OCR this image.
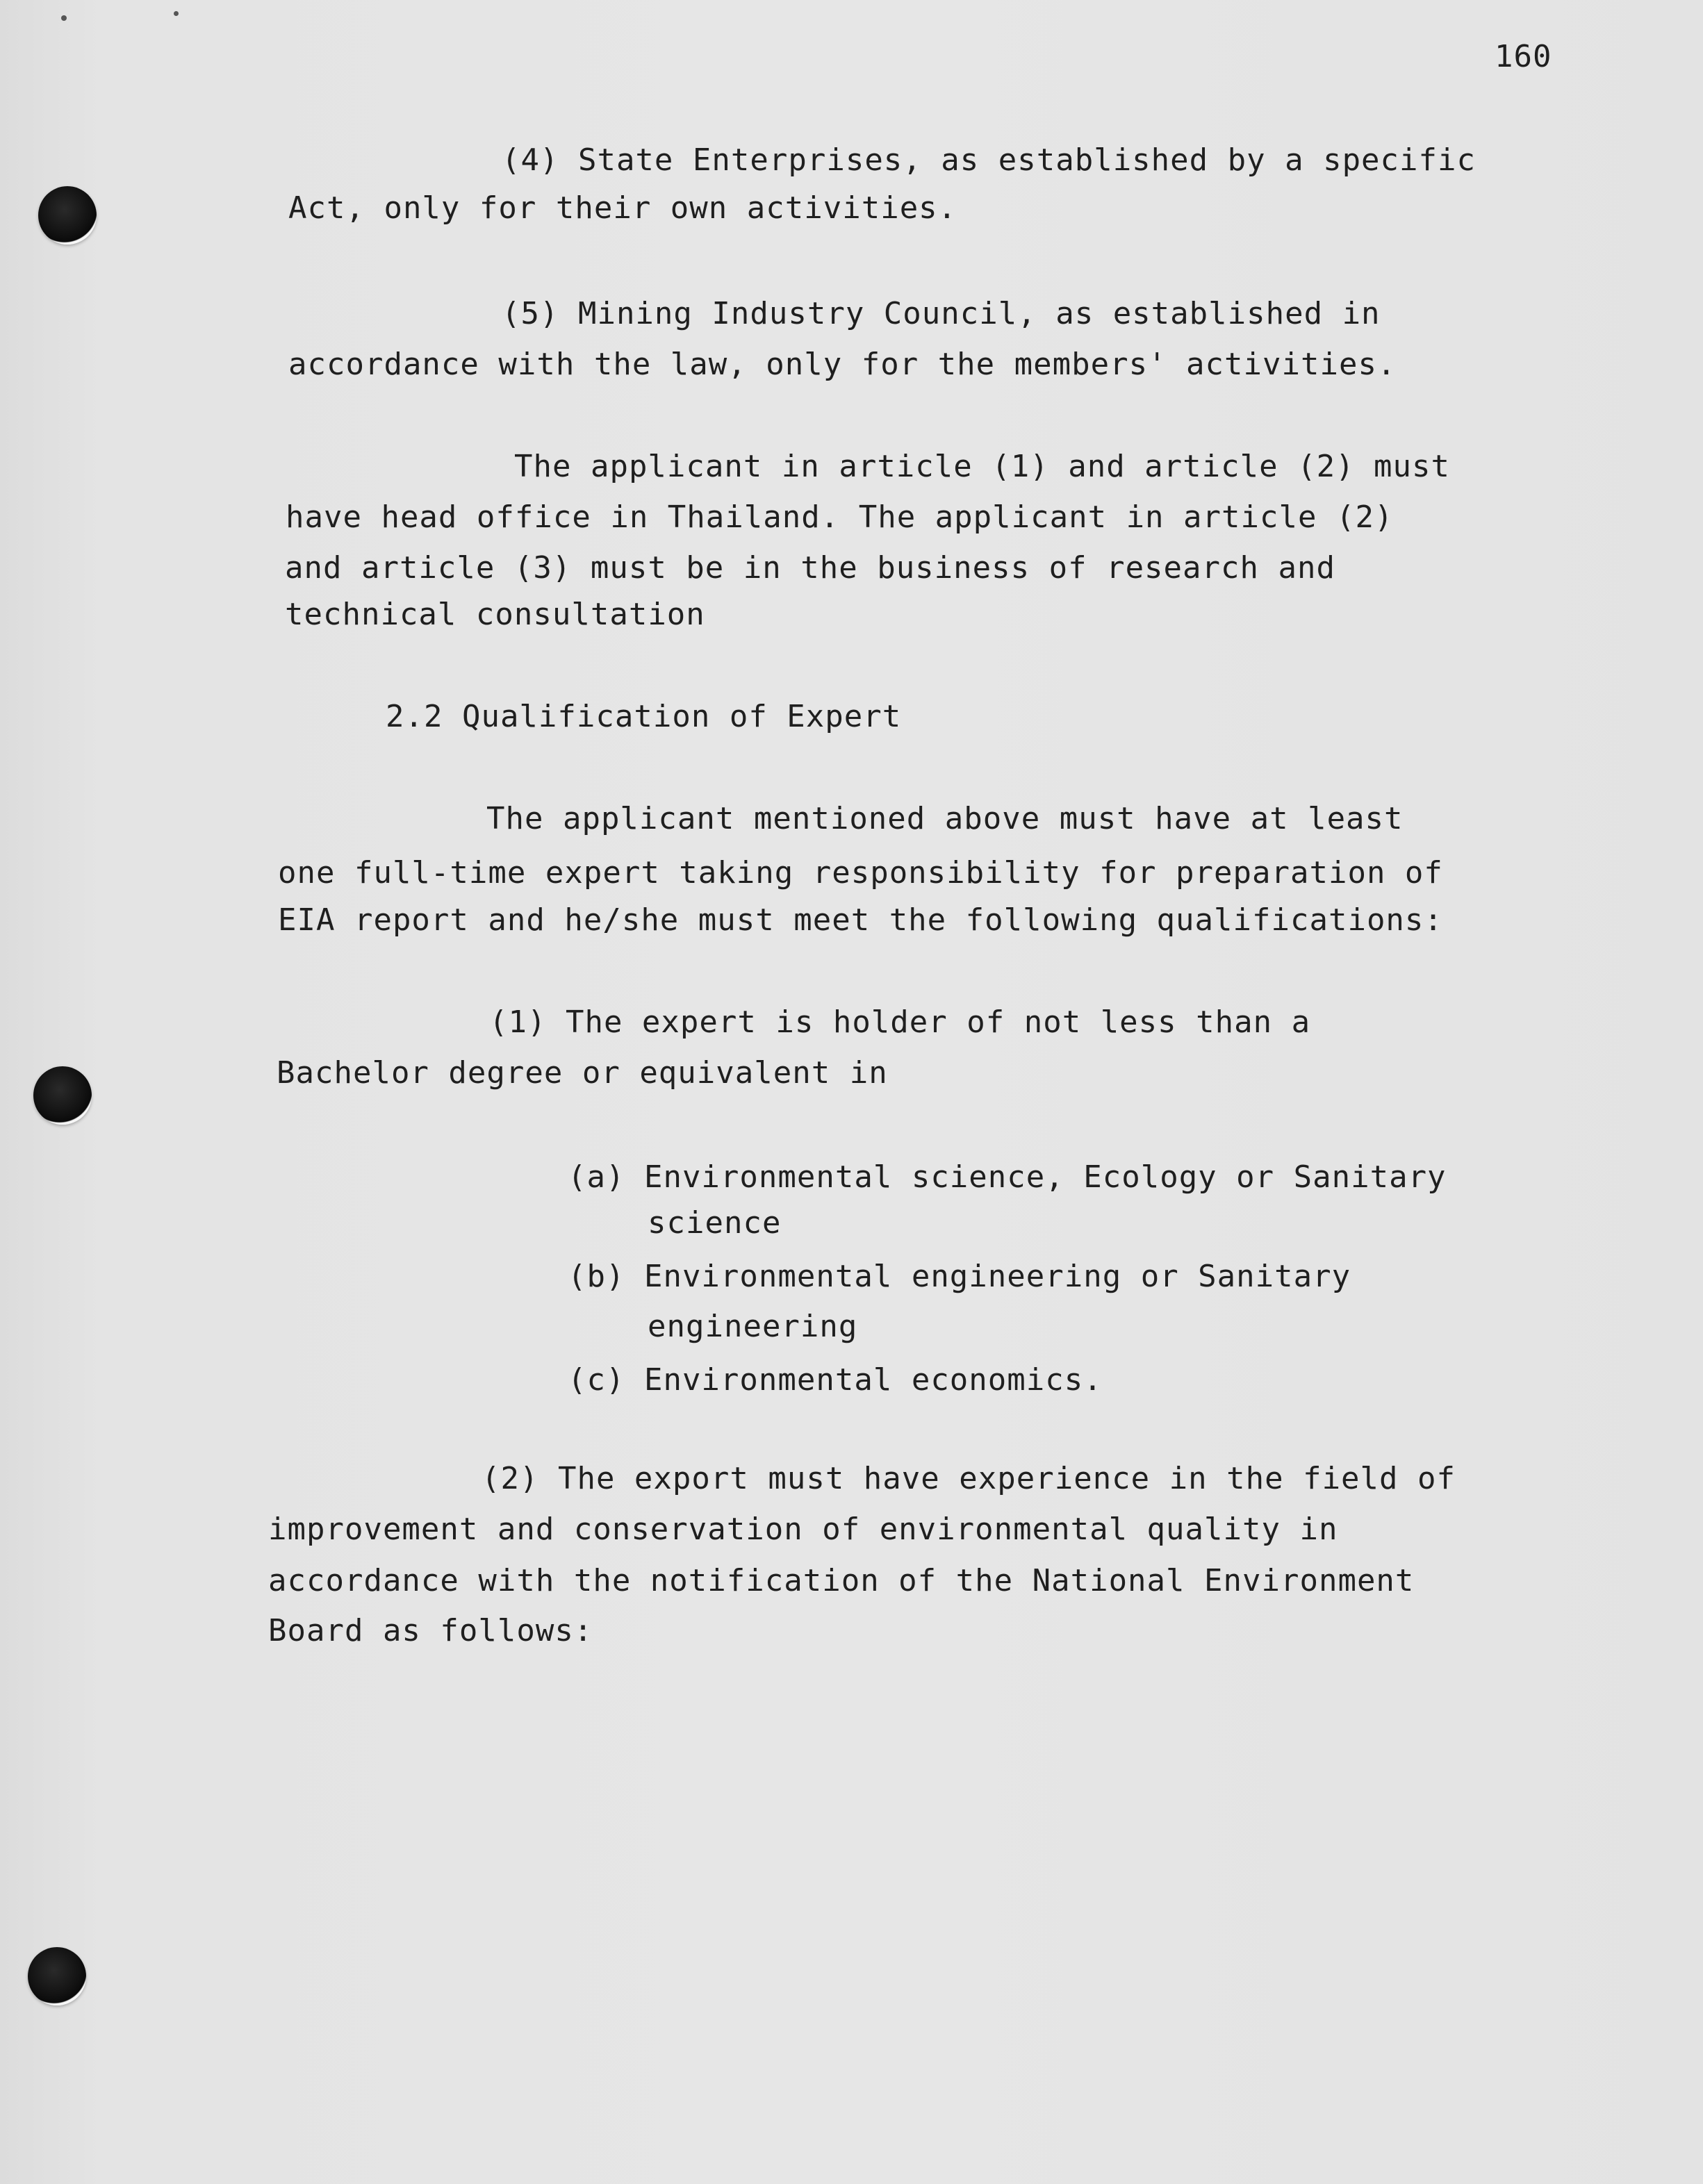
160
(4) State Enterprises, as established by a specific
Act, only for their own activities.
(5) Mining Industry Council, as established in
accordance with the law, only for the members' activities.
The applicant in article (1) and article (2) must
have head office in Thailand. The applicant in article (2)
and article (3) must be in the business of research and
technical consultation
2.2 Qualification of Expert
The applicant mentioned above must have at least
one full-time expert taking responsibility for preparation of
EIA report and he/she must meet the following qualifications:
(1) The expert is holder of not less than a
Bachelor degree or equivalent in
(a) Environmental science, Ecology or Sanitary
science
(b) Environmental engineering or Sanitary
engineering
(c) Environmental economics.
(2) The export must have experience in the field of
improvement and conservation of environmental quality in
accordance with the notification of the National Environment
Board as follows:
